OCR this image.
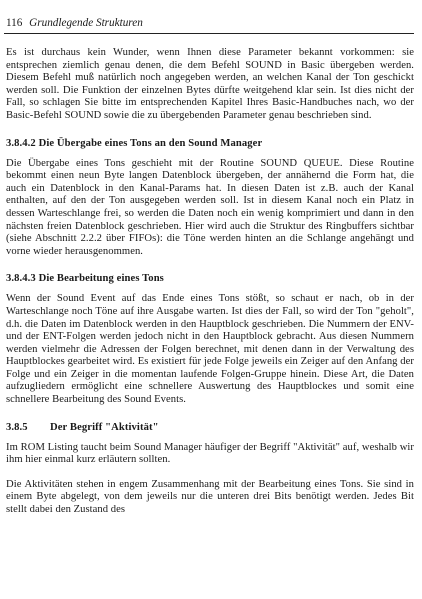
116 Grundlegende Strukturen

Es ist durchaus kein Wunder, wenn Ihnen diese Parameter bekannt vorkommen: sie entsprechen ziemlich genau denen, die dem Befehl SOUND in Basic übergeben werden. Diesem Befehl muß natürlich noch angegeben werden, an welchen Kanal der Ton geschickt werden soll. Die Funktion der einzelnen Bytes dürfte weitgehend klar sein. Ist dies nicht der Fall, so schlagen Sie bitte im entsprechenden Kapitel Ihres Basic-Handbuches nach, wo der Basic-Befehl SOUND sowie die zu übergebenden Parameter genau beschrieben sind.

3.8.4.2 Die Übergabe eines Tons an den Sound Manager

Die Übergabe eines Tons geschieht mit der Routine SOUND QUEUE. Diese Routine bekommt einen neun Byte langen Datenblock übergeben, der annähernd die Form hat, die auch ein Datenblock in den Kanal-Params hat. In diesen Daten ist z.B. auch der Kanal enthalten, auf den der Ton ausgegeben werden soll. Ist in diesem Kanal noch ein Platz in dessen Warteschlange frei, so werden die Daten noch ein wenig komprimiert und dann in den nächsten freien Datenblock geschrieben. Hier wird auch die Struktur des Ringbuffers sichtbar (siehe Abschnitt 2.2.2 über FIFOs): die Töne werden hinten an die Schlange angehängt und vorne wieder herausgenommen.

3.8.4.3 Die Bearbeitung eines Tons

Wenn der Sound Event auf das Ende eines Tons stößt, so schaut er nach, ob in der Warteschlange noch Töne auf ihre Ausgabe warten. Ist dies der Fall, so wird der Ton "geholt", d.h. die Daten im Datenblock werden in den Hauptblock geschrieben. Die Nummern der ENV- und der ENT-Folgen werden jedoch nicht in den Hauptblock gebracht. Aus diesen Nummern werden vielmehr die Adressen der Folgen berechnet, mit denen dann in der Verwaltung des Hauptblockes gearbeitet wird. Es existiert für jede Folge jeweils ein Zeiger auf den Anfang der Folge und ein Zeiger in die momentan laufende Folgen-Gruppe hinein. Diese Art, die Daten aufzugliedern ermöglicht eine schnellere Auswertung des Hauptblockes und somit eine schnellere Bearbeitung des Sound Events.

3.8.5 Der Begriff "Aktivität"

Im ROM Listing taucht beim Sound Manager häufiger der Begriff "Aktivität" auf, weshalb wir ihm hier einmal kurz erläutern sollten.

Die Aktivitäten stehen in engem Zusammenhang mit der Bearbeitung eines Tons. Sie sind in einem Byte abgelegt, von dem jeweils nur die unteren drei Bits benötigt werden. Jedes Bit stellt dabei den Zustand des
